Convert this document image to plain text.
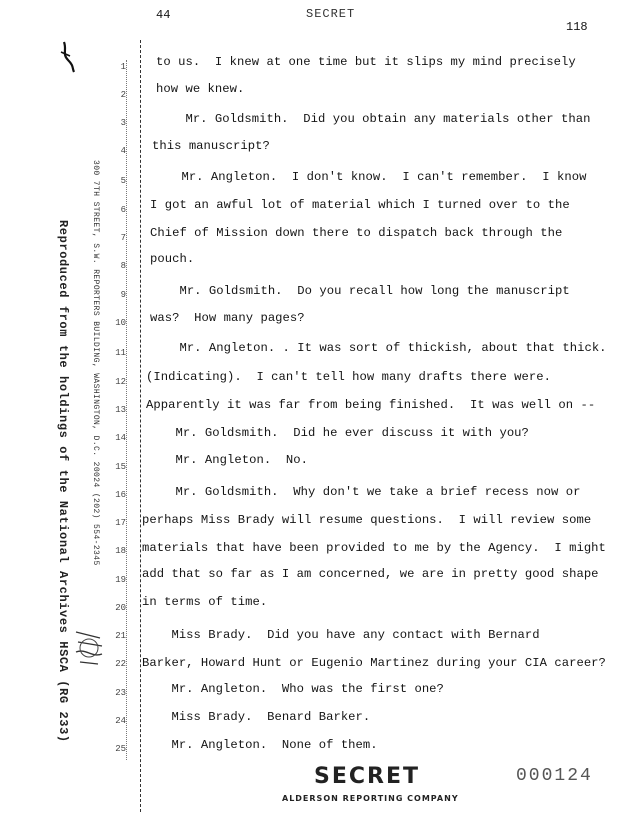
44	SECRET
118
Reproduced from the holdings of the National Archives HSCA (RG 233)	300 7TH STREET, S.W. REPORTERS BUILDING, WASHINGTON, D.C. 20024 (202) 554-2345
1 to us.  I knew at one time but it slips my mind precisely
2 how we knew.
3 Mr. Goldsmith.  Did you obtain any materials other than
4 this manuscript?
5 Mr. Angleton.  I don't know.  I can't remember.  I know
6 I got an awful lot of material which I turned over to the
7 Chief of Mission down there to dispatch back through the
8 pouch.
9 Mr. Goldsmith.  Do you recall how long the manuscript
10 was?  How many pages?
11 Mr. Angleton. . It was sort of thickish, about that thick.
12 (Indicating).  I can't tell how many drafts there were.
13 Apparently it was far from being finished.  It was well on --
14 Mr. Goldsmith.  Did he ever discuss it with you?
15 Mr. Angleton.  No.
16 Mr. Goldsmith.  Why don't we take a brief recess now or
17 perhaps Miss Brady will resume questions.  I will review some
18 materials that have been provided to me by the Agency.  I might
19 add that so far as I am concerned, we are in pretty good shape
20 in terms of time.
21 Miss Brady.  Did you have any contact with Bernard
22 Barker, Howard Hunt or Eugenio Martinez during your CIA career?
23 Mr. Angleton.  Who was the first one?
24 Miss Brady.  Benard Barker.
25 Mr. Angleton.  None of them.
SECRET	000124
ALDERSON REPORTING COMPANY
